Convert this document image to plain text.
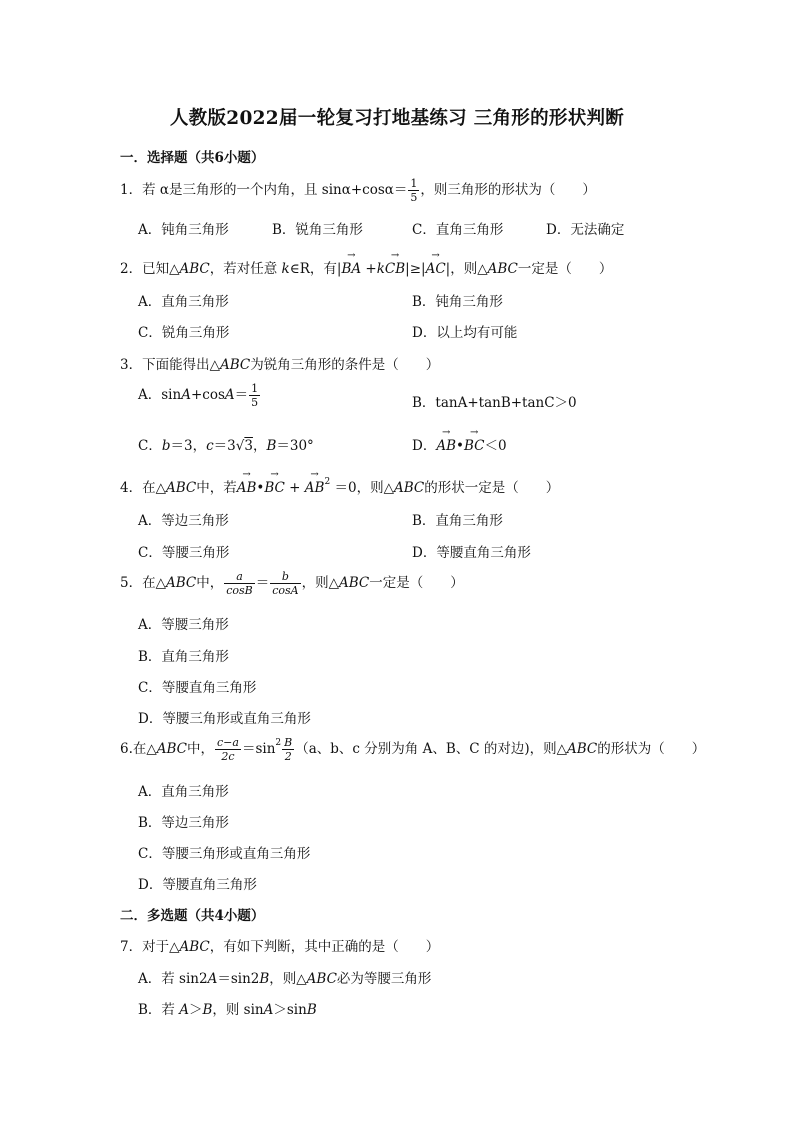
人教版2022届一轮复习打地基练习 三角形的形状判断
一．选择题（共6小题）
1．若 α是三角形的一个内角，且 $\sin\alpha+\cos\alpha= \frac{1}{5}$ ，则三角形的形状为（　　）
A．钝角三角形	B．锐角三角形	C．直角三角形	D．无法确定
2．已知△ABC，若对任意 k∈R，有|→ BA +k→ CB|≥|→ AC|，则△ABC一定是（　　）
A．直角三角形	B．钝角三角形
C．锐角三角形	D．以上均有可能
3．下面能得出△ABC为锐角三角形的条件是（　　）
A．$\sin A+\cos A= \frac{1}{5}$	B．tanA+tanB+tanC＞0
C．b＝3，c＝3√3，B＝30°	D．→ AB•→ BC＜0
4．在△ABC中，若→ AB•→ BC + → $AB^2 =0$，则△ABC的形状一定是（　　）
A．等边三角形	B．直角三角形
C．等腰三角形	D．等腰直角三角形
5．在△ABC中， $\frac{a}{\cos B} = \frac{b}{\cos A}$ ，则△ABC一定是（　　）
A．等腰三角形
B．直角三角形
C．等腰直角三角形
D．等腰三角形或直角三角形
6.在△ABC中， $\frac{c-a}{2c} =\sin^2 \frac{B}{2} (a$、b、c 分别为角 A、B、C 的对边)，则△ABC的形状为（　　）
A．直角三角形
B．等边三角形
C．等腰三角形或直角三角形
D．等腰直角三角形
二．多选题（共4小题）
7．对于△ABC，有如下判断，其中正确的是（　　）
A．若 sin2A＝sin2B，则△ABC必为等腰三角形
B．若 A＞B，则 sinA＞sinB
